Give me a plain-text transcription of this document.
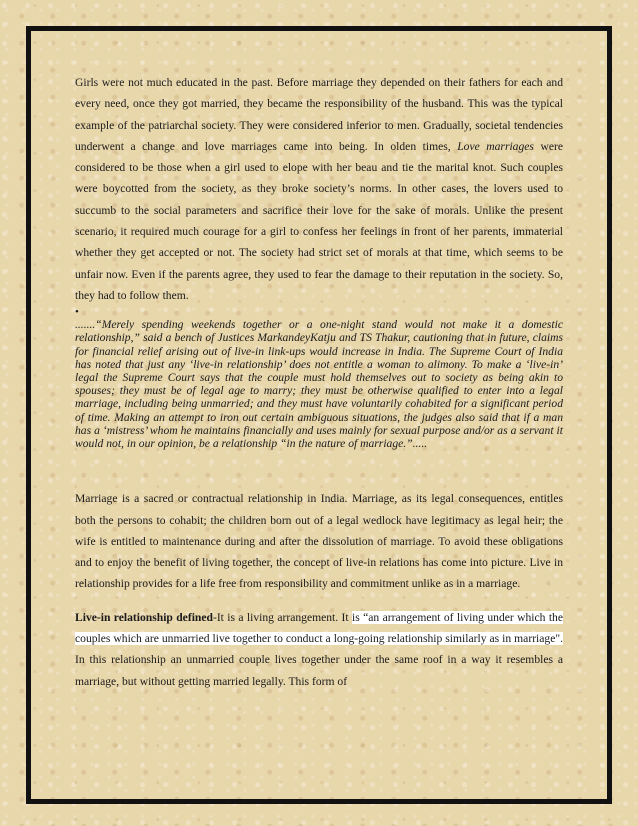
Girls were not much educated in the past. Before marriage they depended on their fathers for each and every need, once they got married, they became the responsibility of the husband. This was the typical example of the patriarchal society. They were considered inferior to men. Gradually, societal tendencies underwent a change and love marriages came into being. In olden times, Love marriages were considered to be those when a girl used to elope with her beau and tie the marital knot. Such couples were boycotted from the society, as they broke society’s norms. In other cases, the lovers used to succumb to the social parameters and sacrifice their love for the sake of morals. Unlike the present scenario, it required much courage for a girl to confess her feelings in front of her parents, immaterial whether they get accepted or not. The society had strict set of morals at that time, which seems to be unfair now. Even if the parents agree, they used to fear the damage to their reputation in the society. So, they had to follow them.

•

.......“Merely spending weekends together or a one-night stand would not make it a domestic relationship,” said a bench of Justices MarkandeyKatju and TS Thakur, cautioning that in future, claims for financial relief arising out of live-in link-ups would increase in India. The Supreme Court of India has noted that just any ‘live-in relationship’ does not entitle a woman to alimony. To make a ‘live-in’ legal the Supreme Court says that the couple must hold themselves out to society as being akin to spouses; they must be of legal age to marry; they must be otherwise qualified to enter into a legal marriage, including being unmarried; and they must have voluntarily cohabited for a significant period of time. Making an attempt to iron out certain ambiguous situations, the judges also said that if a man has a ‘mistress’ whom he maintains financially and uses mainly for sexual purpose and/or as a servant it would not, in our opinion, be a relationship “in the nature of marriage.”.....

Marriage is a sacred or contractual relationship in India. Marriage, as its legal consequences, entitles both the persons to cohabit; the children born out of a legal wedlock have legitimacy as legal heir; the wife is entitled to maintenance during and after the dissolution of marriage. To avoid these obligations and to enjoy the benefit of living together, the concept of live-in relations has come into picture. Live in relationship provides for a life free from responsibility and commitment unlike as in a marriage.

Live-in relationship defined-It is a living arrangement. It is “an arrangement of living under which the couples which are unmarried live together to conduct a long-going relationship similarly as in marriage". In this relationship an unmarried couple lives together under the same roof in a way it resembles a marriage, but without getting married legally. This form of
